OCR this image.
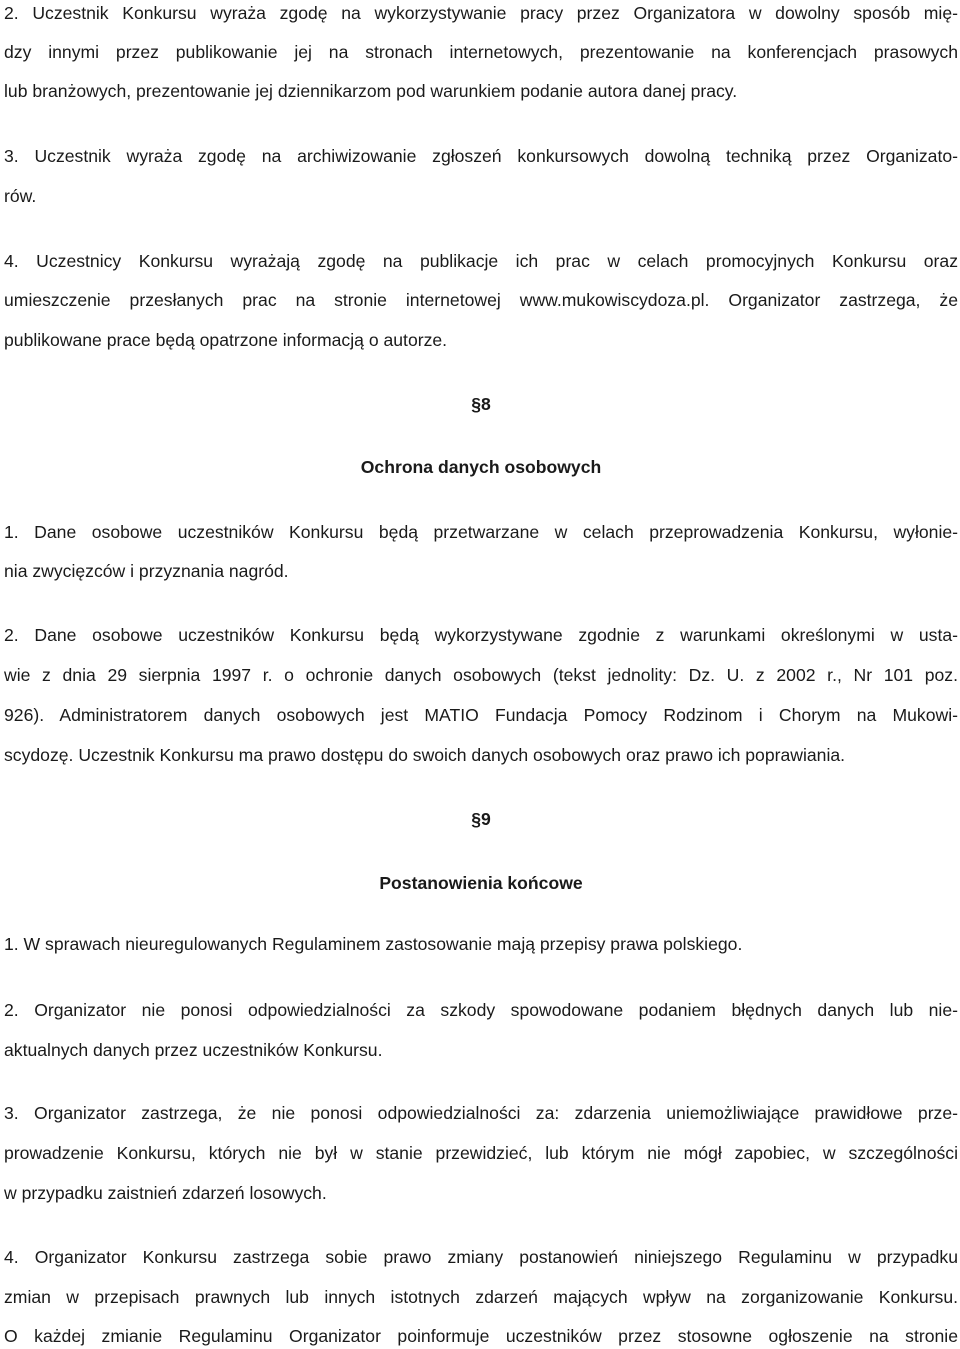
2. Uczestnik Konkursu wyraża zgodę na wykorzystywanie pracy przez Organizatora w dowolny sposób mię-
dzy innymi przez publikowanie jej na stronach internetowych, prezentowanie na konferencjach prasowych
lub branżowych, prezentowanie jej dziennikarzom pod warunkiem podanie autora danej pracy.
3. Uczestnik wyraża zgodę na archiwizowanie zgłoszeń konkursowych dowolną techniką przez Organizato-
rów.
4. Uczestnicy Konkursu wyrażają zgodę na publikacje ich prac w celach promocyjnych Konkursu oraz
umieszczenie przesłanych prac na stronie internetowej www.mukowiscydoza.pl. Organizator zastrzega, że
publikowane prace będą opatrzone informacją o autorze.
§8
Ochrona danych osobowych
1. Dane osobowe uczestników Konkursu będą przetwarzane w celach przeprowadzenia Konkursu, wyłonie-
nia zwycięzców i przyznania nagród.
2. Dane osobowe uczestników Konkursu będą wykorzystywane zgodnie z warunkami określonymi w usta-
wie z dnia 29 sierpnia 1997 r. o ochronie danych osobowych (tekst jednolity: Dz. U. z 2002 r., Nr 101 poz.
926). Administratorem danych osobowych jest MATIO Fundacja Pomocy Rodzinom i Chorym na Mukowi-
scydozę. Uczestnik Konkursu ma prawo dostępu do swoich danych osobowych oraz prawo ich poprawiania.
§9
Postanowienia końcowe
1. W sprawach nieuregulowanych Regulaminem zastosowanie mają przepisy prawa polskiego.
2. Organizator nie ponosi odpowiedzialności za szkody spowodowane podaniem błędnych danych lub nie-
aktualnych danych przez uczestników Konkursu.
3. Organizator zastrzega, że nie ponosi odpowiedzialności za: zdarzenia uniemożliwiające prawidłowe prze-
prowadzenie Konkursu, których nie był w stanie przewidzieć, lub którym nie mógł zapobiec, w szczególności
w przypadku zaistnień zdarzeń losowych.
4. Organizator Konkursu zastrzega sobie prawo zmiany postanowień niniejszego Regulaminu w przypadku
zmian w przepisach prawnych lub innych istotnych zdarzeń mających wpływ na zorganizowanie Konkursu.
O każdej zmianie Regulaminu Organizator poinformuje uczestników przez stosowne ogłoszenie na stronie
